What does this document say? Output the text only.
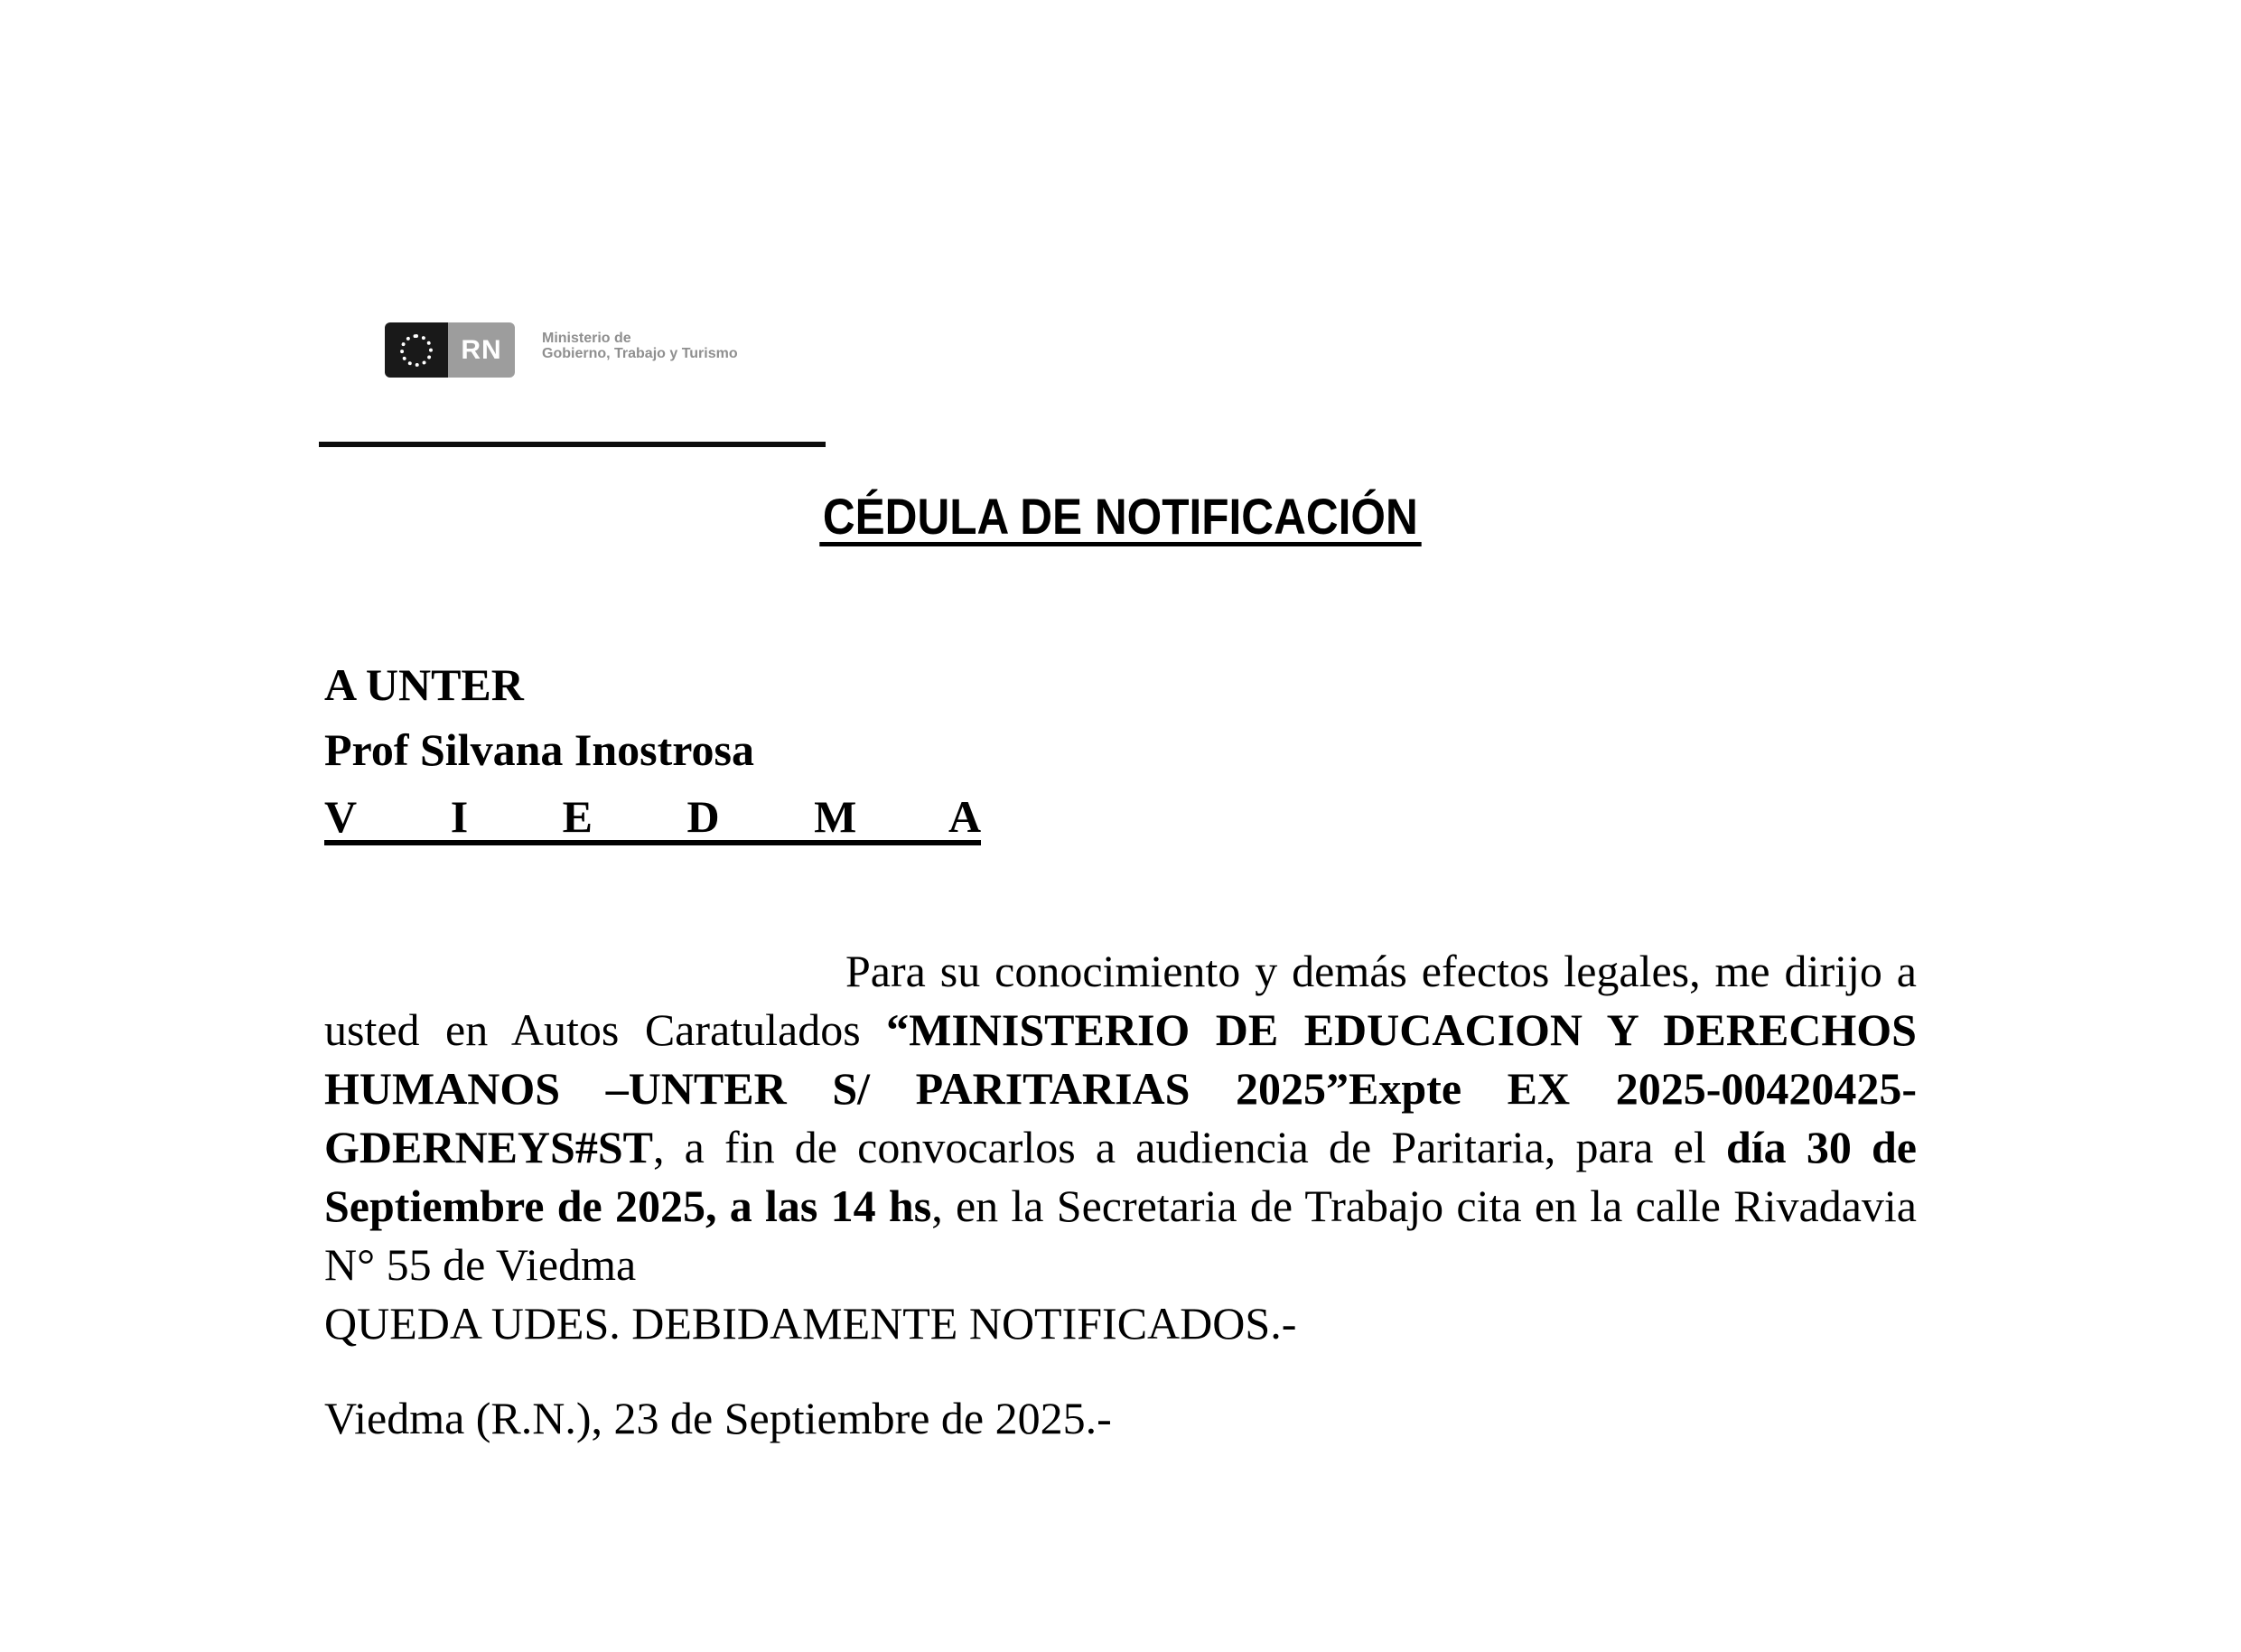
RN	Ministerio de
Gobierno, Trabajo y Turismo
CÉDULA DE NOTIFICACIÓN
A UNTER
Prof Silvana Inostrosa
V I E D M A
Para su conocimiento y demás efectos legales, me dirijo a
usted en Autos Caratulados “MINISTERIO DE EDUCACION Y DERECHOS
HUMANOS –UNTER S/ PARITARIAS 2025”Expte EX 2025-00420425-
GDERNEYS#ST, a fin de convocarlos a audiencia de Paritaria, para el día 30 de
Septiembre de 2025, a las 14 hs, en la Secretaria de Trabajo cita en la calle Rivadavia
N° 55 de Viedma
QUEDA UDES. DEBIDAMENTE NOTIFICADOS.-
Viedma (R.N.), 23 de Septiembre de 2025.-
